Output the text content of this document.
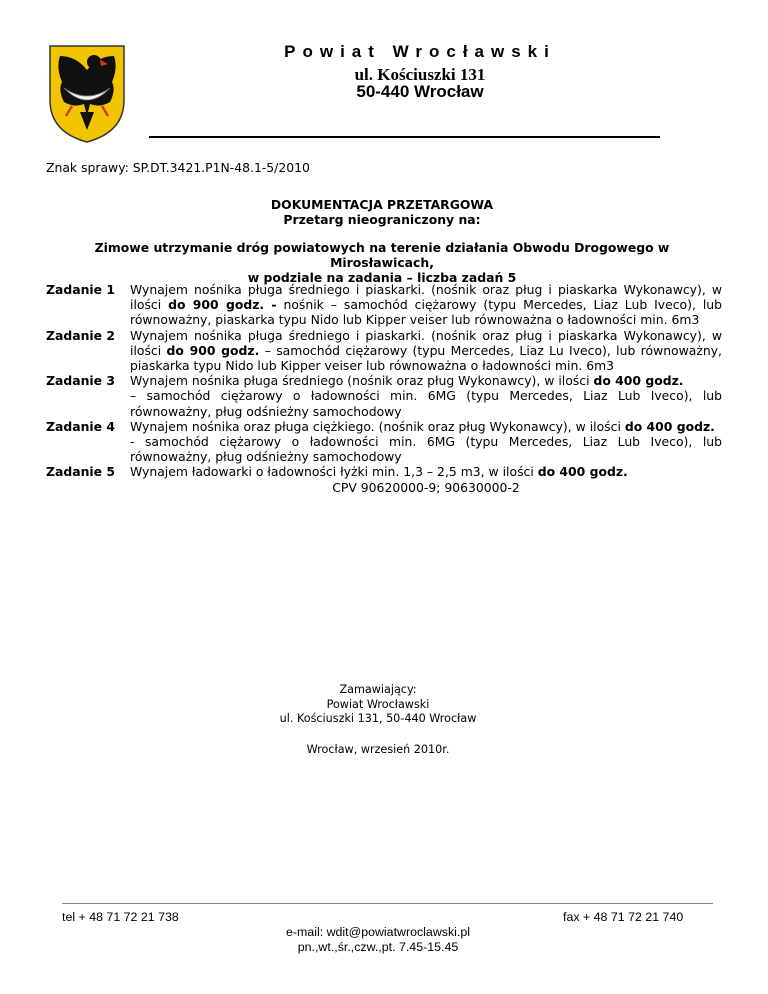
Powiat Wrocławski
ul. Kościuszki 131
50-440 Wrocław
Znak sprawy: SP.DT.3421.P1N-48.1-5/2010
DOKUMENTACJA PRZETARGOWA
Przetarg nieograniczony na:
Zimowe utrzymanie dróg powiatowych na terenie działania Obwodu Drogowego w Mirosławicach,
w podziale na zadania – liczba zadań 5
Zadanie 1	Wynajem nośnika pługa średniego i piaskarki. (nośnik oraz pług i piaskarka Wykonawcy), w ilości do 900 godz. - nośnik – samochód ciężarowy (typu Mercedes, Liaz Lub Iveco), lub równoważny, piaskarka typu Nido lub Kipper veiser lub równoważna o ładowności min. 6m3
Zadanie 2	Wynajem nośnika pługa średniego i piaskarki. (nośnik oraz pług i piaskarka Wykonawcy), w ilości do 900 godz. – samochód ciężarowy (typu Mercedes, Liaz Lu Iveco), lub równoważny, piaskarka typu Nido lub Kipper veiser lub równoważna o ładowności min. 6m3
Zadanie 3	Wynajem nośnika pługa średniego (nośnik oraz pług Wykonawcy), w ilości do 400 godz.

– samochód ciężarowy o ładowności min. 6MG (typu Mercedes, Liaz Lub Iveco), lub równoważny, pług odśnieżny samochodowy

Zadanie 4	Wynajem nośnika oraz pługa ciężkiego. (nośnik oraz pług Wykonawcy), w ilości do 400 godz.

- samochód ciężarowy o ładowności min. 6MG (typu Mercedes, Liaz Lub Iveco), lub równoważny, pług odśnieżny samochodowy

Zadanie 5	Wynajem ładowarki o ładowności łyżki min. 1,3 – 2,5 m3, w ilości do 400 godz.
CPV 90620000-9; 90630000-2
Zamawiający:
Powiat Wrocławski
ul. Kościuszki 131, 50-440 Wrocław
Wrocław, wrzesień 2010r.
tel + 48 71 72 21 738	fax + 48 71 72 21 740
e-mail: wdit@powiatwroclawski.pl
pn.,wt.,śr.,czw.,pt. 7.45-15.45
